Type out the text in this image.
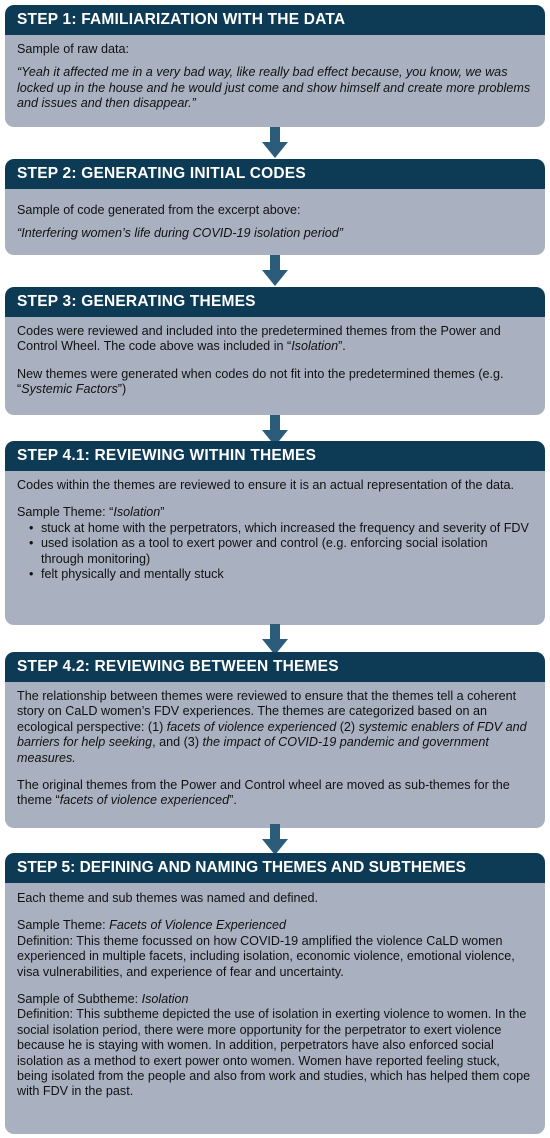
STEP 1: FAMILIARIZATION WITH THE DATA

Sample of raw data:

“Yeah it affected me in a very bad way, like really bad effect because, you know, we was locked up in the house and he would just come and show himself and create more problems and issues and then disappear.”

STEP 2: GENERATING INITIAL CODES

Sample of code generated from the excerpt above:

“Interfering women’s life during COVID-19 isolation period”

STEP 3: GENERATING THEMES

Codes were reviewed and included into the predetermined themes from the Power and Control Wheel. The code above was included in “Isolation”.

New themes were generated when codes do not fit into the predetermined themes (e.g. “Systemic Factors”)

STEP 4.1: REVIEWING WITHIN THEMES

Codes within the themes are reviewed to ensure it is an actual representation of the data.

Sample Theme: “Isolation”

• stuck at home with the perpetrators, which increased the frequency and severity of FDV
• used isolation as a tool to exert power and control (e.g. enforcing social isolation through monitoring)
• felt physically and mentally stuck
STEP 4.2: REVIEWING BETWEEN THEMES

The relationship between themes were reviewed to ensure that the themes tell a coherent story on CaLD women’s FDV experiences. The themes are categorized based on an ecological perspective: (1) facets of violence experienced (2) systemic enablers of FDV and barriers for help seeking, and (3) the impact of COVID-19 pandemic and government measures.

The original themes from the Power and Control wheel are moved as sub-themes for the theme “facets of violence experienced”.

STEP 5: DEFINING AND NAMING THEMES AND SUBTHEMES

Each theme and sub themes was named and defined.

Sample Theme: Facets of Violence Experienced

Definition: This theme focussed on how COVID-19 amplified the violence CaLD women experienced in multiple facets, including isolation, economic violence, emotional violence, visa vulnerabilities, and experience of fear and uncertainty.

Sample of Subtheme: Isolation

Definition: This subtheme depicted the use of isolation in exerting violence to women. In the social isolation period, there were more opportunity for the perpetrator to exert violence because he is staying with women. In addition, perpetrators have also enforced social isolation as a method to exert power onto women. Women have reported feeling stuck, being isolated from the people and also from work and studies, which has helped them cope with FDV in the past.
